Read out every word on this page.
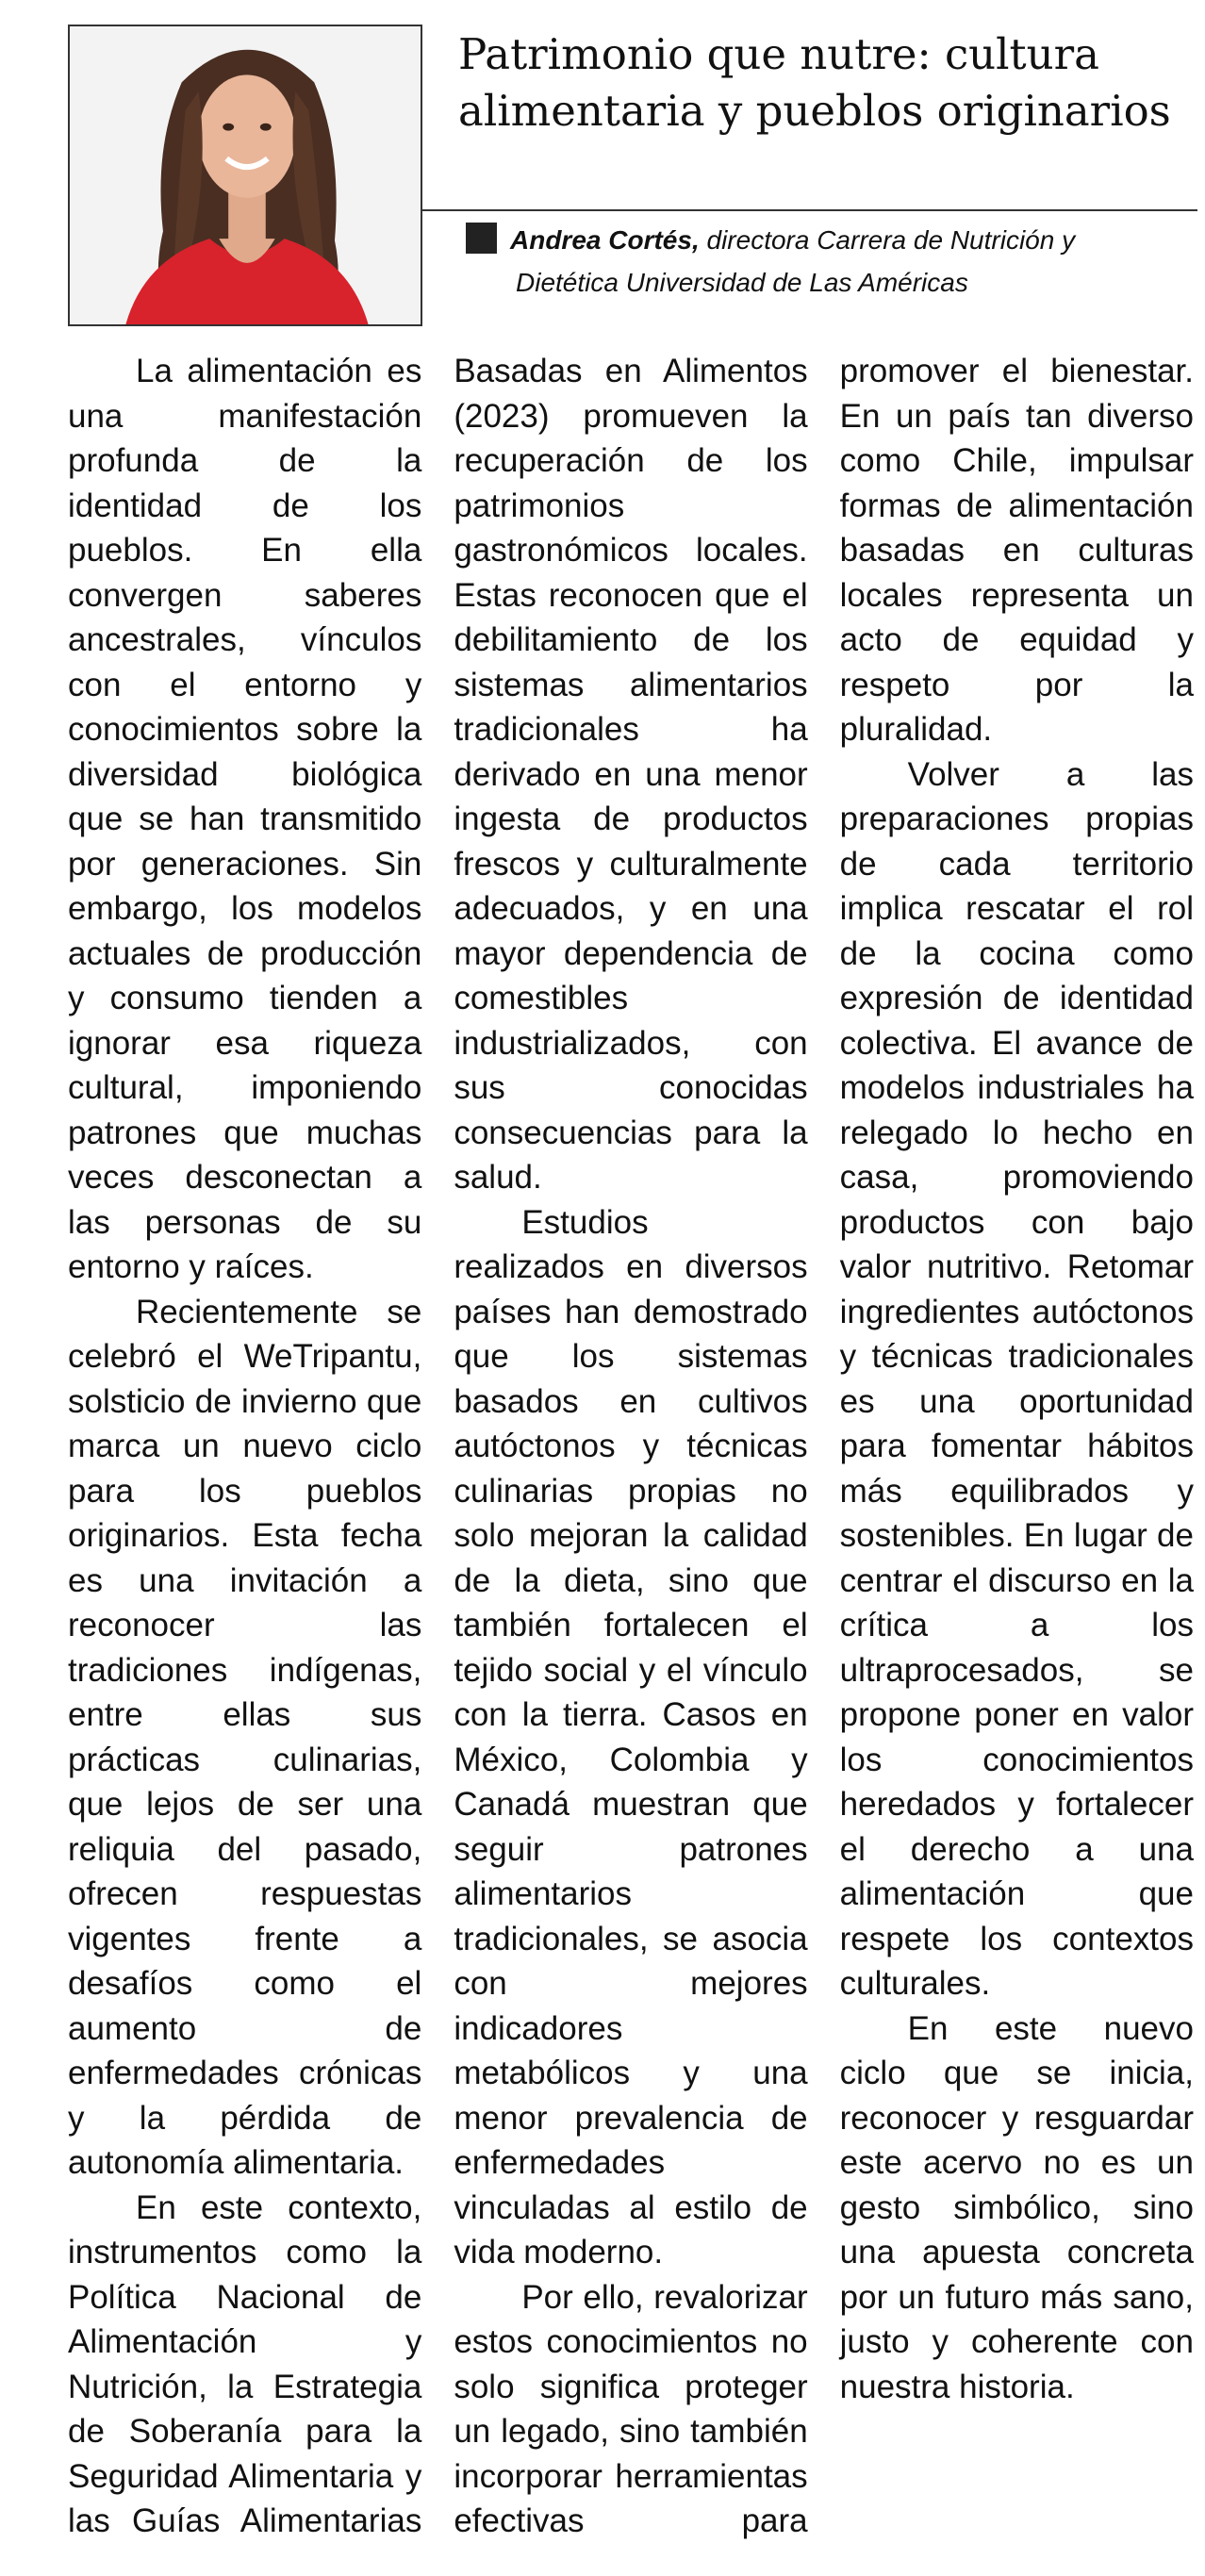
Patrimonio que nutre: cultura
alimentaria y pueblos originarios
Andrea Cortés, directora Carrera de Nutrición y
Dietética Universidad de Las Américas

La alimentación es una manifestación profunda de la identidad de los pueblos. En ella convergen saberes ancestrales, vínculos con el entorno y conocimientos sobre la diversidad biológica que se han transmitido por generaciones. Sin embargo, los modelos actuales de producción y consumo tienden a ignorar esa riqueza cultural, imponiendo patrones que muchas veces desconectan a las personas de su entorno y raíces.

Recientemente se celebró el WeTripantu, solsticio de invierno que marca un nuevo ciclo para los pueblos originarios. Esta fecha es una invitación a reconocer las tradiciones indígenas, entre ellas sus prácticas culinarias, que lejos de ser una reliquia del pasado, ofrecen respuestas vigentes frente a desafíos como el aumento de enfermedades crónicas y la pérdida de autonomía alimentaria.

En este contexto, instrumentos como la Política Nacional de Alimentación y Nutrición, la Estrategia de Soberanía para la Seguridad Alimentaria y las Guías Alimentarias Basadas en Alimentos (2023) promueven la recuperación de los patrimonios gastronómicos locales. Estas reconocen que el debilitamiento de los sistemas alimentarios tradicionales ha derivado en una menor ingesta de productos frescos y culturalmente adecuados, y en una mayor dependencia de comestibles industrializados, con sus conocidas consecuencias para la salud.

Estudios realizados en diversos países han demostrado que los sistemas basados en cultivos autóctonos y técnicas culinarias propias no solo mejoran la calidad de la dieta, sino que también fortalecen el tejido social y el vínculo con la tierra. Casos en México, Colombia y Canadá muestran que seguir patrones alimentarios tradicionales, se asocia con mejores indicadores metabólicos y una menor prevalencia de enfermedades vinculadas al estilo de vida moderno.

Por ello, revalorizar estos conocimientos no solo significa proteger un legado, sino también incorporar herramientas efectivas para promover el bienestar. En un país tan diverso como Chile, impulsar formas de alimentación basadas en culturas locales representa un acto de equidad y respeto por la pluralidad.

Volver a las preparaciones propias de cada territorio implica rescatar el rol de la cocina como expresión de identidad colectiva. El avance de modelos industriales ha relegado lo hecho en casa, promoviendo productos con bajo valor nutritivo. Retomar ingredientes autóctonos y técnicas tradicionales es una oportunidad para fomentar hábitos más equilibrados y sostenibles. En lugar de centrar el discurso en la crítica a los ultraprocesados, se propone poner en valor los conocimientos heredados y fortalecer el derecho a una alimentación que respete los contextos culturales.

En este nuevo ciclo que se inicia, reconocer y resguardar este acervo no es un gesto simbólico, sino una apuesta concreta por un futuro más sano, justo y coherente con nuestra historia.
